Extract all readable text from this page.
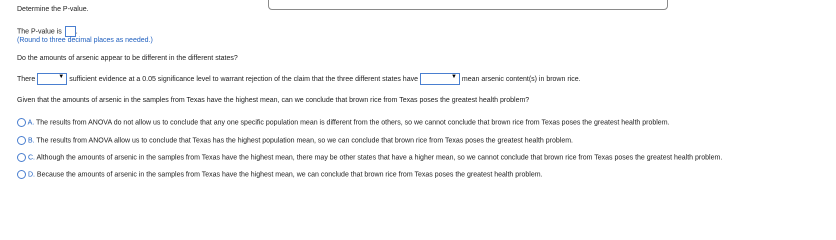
Determine the P-value.
The P-value is .
(Round to three decimal places as needed.)
Do the amounts of arsenic appear to be different in the different states?
There	▼ sufficient evidence at a 0.05 significance level to warrant rejection of the claim that the three different states have	▼ mean arsenic content(s) in brown rice.
Given that the amounts of arsenic in the samples from Texas have the highest mean, can we conclude that brown rice from Texas poses the greatest health problem?
A. The results from ANOVA do not allow us to conclude that any one specific population mean is different from the others, so we cannot conclude that brown rice from Texas poses the greatest health problem.
B. The results from ANOVA allow us to conclude that Texas has the highest population mean, so we can conclude that brown rice from Texas poses the greatest health problem.
C. Although the amounts of arsenic in the samples from Texas have the highest mean, there may be other states that have a higher mean, so we cannot conclude that brown rice from Texas poses the greatest health problem.
D. Because the amounts of arsenic in the samples from Texas have the highest mean, we can conclude that brown rice from Texas poses the greatest health problem.
